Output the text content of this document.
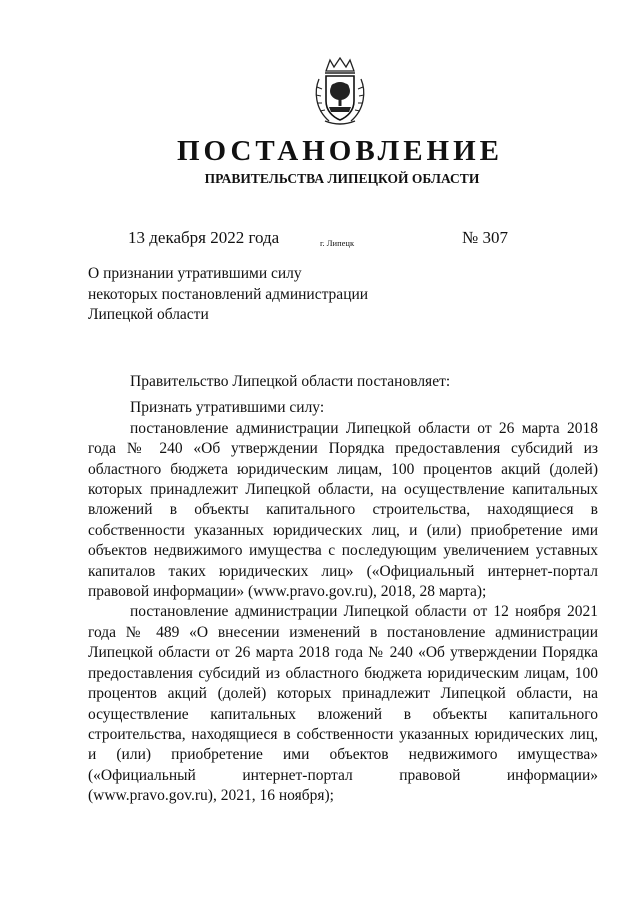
ПОСТАНОВЛЕНИЕ
ПРАВИТЕЛЬСТВА ЛИПЕЦКОЙ ОБЛАСТИ
13 декабря 2022 года	г. Липецк	№ 307
О признании утратившими силу
некоторых постановлений администрации
Липецкой области

Правительство Липецкой области постановляет:

Признать утратившими силу:

постановление администрации Липецкой области от 26 марта 2018 года № 240 «Об утверждении Порядка предоставления субсидий из областного бюджета юридическим лицам, 100 процентов акций (долей) которых принадлежит Липецкой области, на осуществление капитальных вложений в объекты капитального строительства, находящиеся в собственности указанных юридических лиц, и (или) приобретение ими объектов недвижимого имущества с последующим увеличением уставных капиталов таких юридических лиц» («Официальный интернет-портал правовой информации» (www.pravo.gov.ru), 2018, 28 марта);

постановление администрации Липецкой области от 12 ноября 2021 года № 489 «О внесении изменений в постановление администрации Липецкой области от 26 марта 2018 года № 240 «Об утверждении Порядка предоставления субсидий из областного бюджета юридическим лицам, 100 процентов акций (долей) которых принадлежит Липецкой области, на осуществление капитальных вложений в объекты капитального строительства, находящиеся в собственности указанных юридических лиц, и (или) приобретение ими объектов недвижимого имущества» («Официальный интернет-портал правовой информации» (www.pravo.gov.ru), 2021, 16 ноября);
